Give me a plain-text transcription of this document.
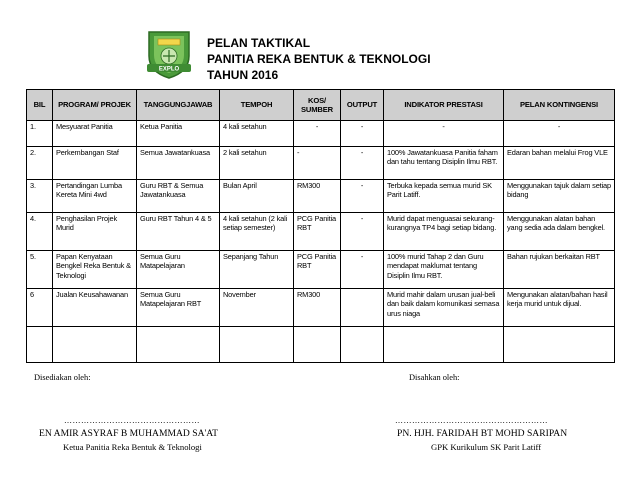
EXPLO
PELAN TAKTIKAL
PANITIA REKA BENTUK & TEKNOLOGI
TAHUN 2016
BIL	PROGRAM/ PROJEK	TANGGUNGJAWAB	TEMPOH	KOS/ SUMBER	OUTPUT	INDIKATOR PRESTASI	PELAN KONTINGENSI
1.	Mesyuarat Panitia	Ketua Panitia	4 kali setahun	-	-	-	-
2.	Perkembangan Staf	Semua Jawatankuasa	2 kali setahun	-	-	100% Jawatankuasa Panitia faham dan tahu tentang Disiplin Ilmu RBT.	Edaran bahan melalui Frog VLE
3.	Pertandingan Lumba Kereta Mini 4wd	Guru RBT & Semua Jawatankuasa	Bulan April	RM300	-	Terbuka kepada semua murid SK Parit Latiff.	Menggunakan tajuk dalam setiap bidang
4.	Penghasilan Projek Murid	Guru RBT Tahun 4 & 5	4 kali setahun (2 kali setiap semester)	PCG Panitia RBT	-	Murid dapat menguasai sekurang-kurangnya TP4 bagi setiap bidang.	Menggunakan alatan bahan yang sedia ada dalam bengkel.
5.	Papan Kenyataan Bengkel Reka Bentuk & Teknologi	Semua Guru Matapelajaran	Sepanjang Tahun	PCG Panitia RBT	-	100% murid Tahap 2 dan Guru mendapat maklumat tentang Disiplin Ilmu RBT.	Bahan rujukan berkaitan RBT
6	Jualan Keusahawanan	Semua Guru Matapelajaran RBT	November	RM300		Murid mahir dalam urusan jual-beli dan baik dalam komunikasi semasa urus niaga	Mengunakan alatan/bahan hasil kerja murid untuk dijual.

Disediakan oleh:	Disahkan oleh:
…………………………………………	………………………………………………
EN AMIR ASYRAF B MUHAMMAD SA'AT	PN. HJH. FARIDAH BT MOHD SARIPAN
Ketua Panitia Reka Bentuk & Teknologi	GPK Kurikulum SK Parit Latiff
